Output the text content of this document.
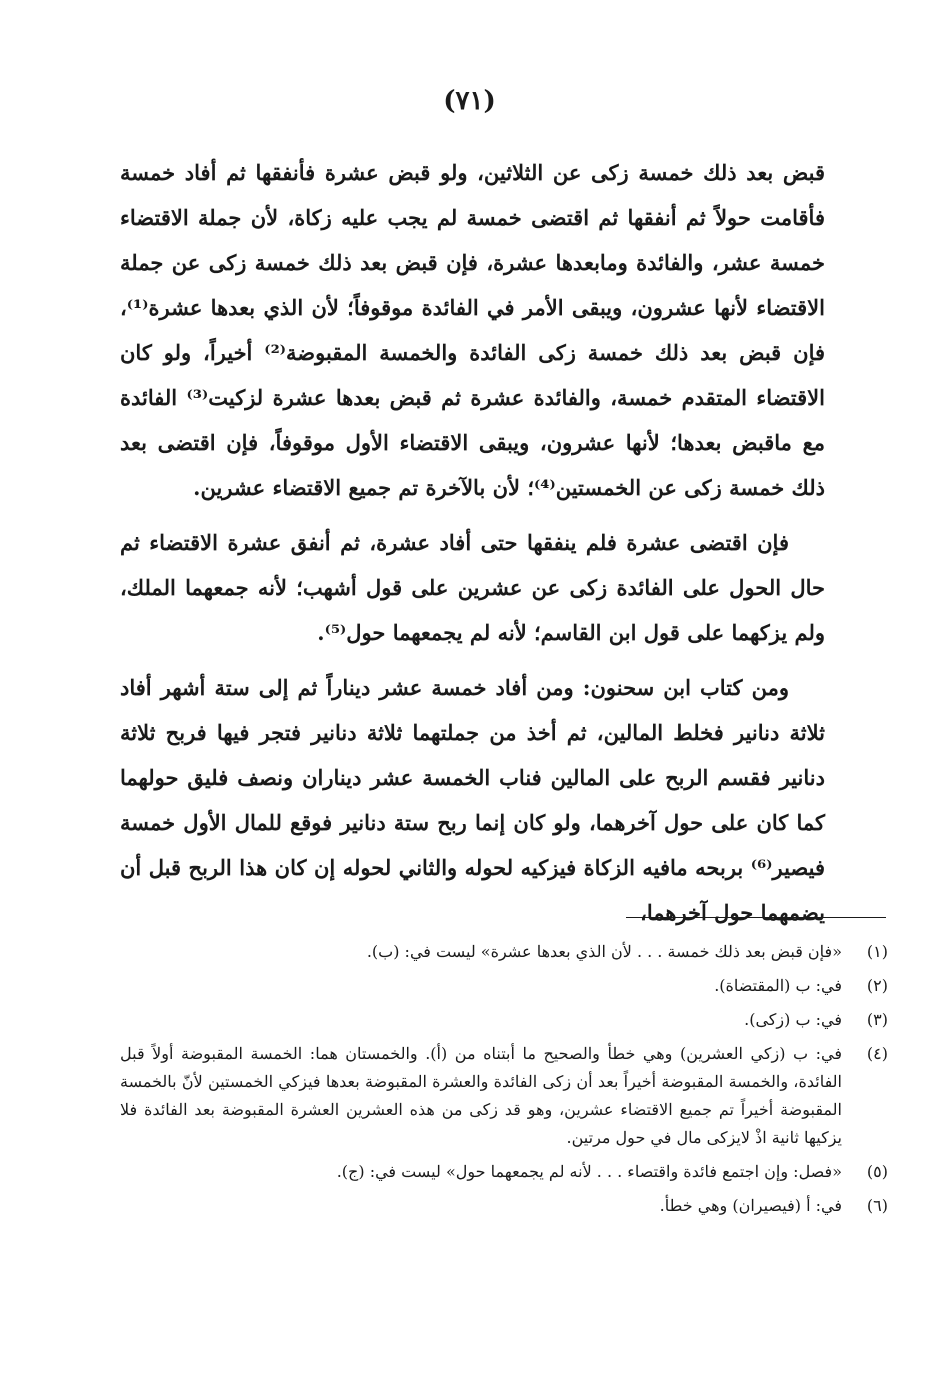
(٧١)

قبض بعد ذلك خمسة زكى عن الثلاثين، ولو قبض عشرة فأنفقها ثم أفاد خمسة فأقامت حولاً ثم أنفقها ثم اقتضى خمسة لم يجب عليه زكاة، لأن جملة الاقتضاء خمسة عشر، والفائدة ومابعدها عشرة، فإن قبض بعد ذلك خمسة زكى عن جملة الاقتضاء لأنها عشرون، ويبقى الأمر في الفائدة موقوفاً؛ لأن الذي بعدها عشرة⁽¹⁾، فإن قبض بعد ذلك خمسة زكى الفائدة والخمسة المقبوضة⁽²⁾ أخيراً، ولو كان الاقتضاء المتقدم خمسة، والفائدة عشرة ثم قبض بعدها عشرة لزكيت⁽³⁾ الفائدة مع ماقبض بعدها؛ لأنها عشرون، ويبقى الاقتضاء الأول موقوفاً، فإن اقتضى بعد ذلك خمسة زكى عن الخمستين⁽⁴⁾؛ لأن بالآخرة تم جميع الاقتضاء عشرين.

فإن اقتضى عشرة فلم ينفقها حتى أفاد عشرة، ثم أنفق عشرة الاقتضاء ثم حال الحول على الفائدة زكى عن عشرين على قول أشهب؛ لأنه جمعهما الملك، ولم يزكهما على قول ابن القاسم؛ لأنه لم يجمعهما حول⁽⁵⁾.

ومن كتاب ابن سحنون: ومن أفاد خمسة عشر ديناراً ثم إلى ستة أشهر أفاد ثلاثة دنانير فخلط المالين، ثم أخذ من جملتهما ثلاثة دنانير فتجر فيها فربح ثلاثة دنانير فقسم الربح على المالين فناب الخمسة عشر ديناران ونصف فليق حولهما كما كان على حول آخرهما، ولو كان إنما ربح ستة دنانير فوقع للمال الأول خمسة فيصير⁽⁶⁾ بربحه مافيه الزكاة فيزكيه لحوله والثاني لحوله إن كان هذا الربح قبل أن يضمهما حول آخرهما،

(١)
«فإن قبض بعد ذلك خمسة . . . لأن الذي بعدها عشرة» ليست في: (ب).
(٢)
في: ب (المقتضاة).
(٣)
في: ب (زكى).
(٤)
في: ب (زكي العشرين) وهي خطأ والصحيح ما أبتناه من (أ). والخمستان هما: الخمسة المقبوضة أولاً قبل الفائدة، والخمسة المقبوضة أخيراً بعد أن زكى الفائدة والعشرة المقبوضة بعدها فيزكي الخمستين لأنّ بالخمسة المقبوضة أخيراً تم جميع الاقتضاء عشرين، وهو قد زكى من هذه العشرين العشرة المقبوضة بعد الفائدة فلا يزكيها ثانية اذْ لايزكى مال في حول مرتين.
(٥)
«فصل: وإن اجتمع فائدة واقتصاء . . . لأنه لم يجمعهما حول» ليست في: (ج).
(٦)
في: أ (فيصيران) وهي خطأ.
